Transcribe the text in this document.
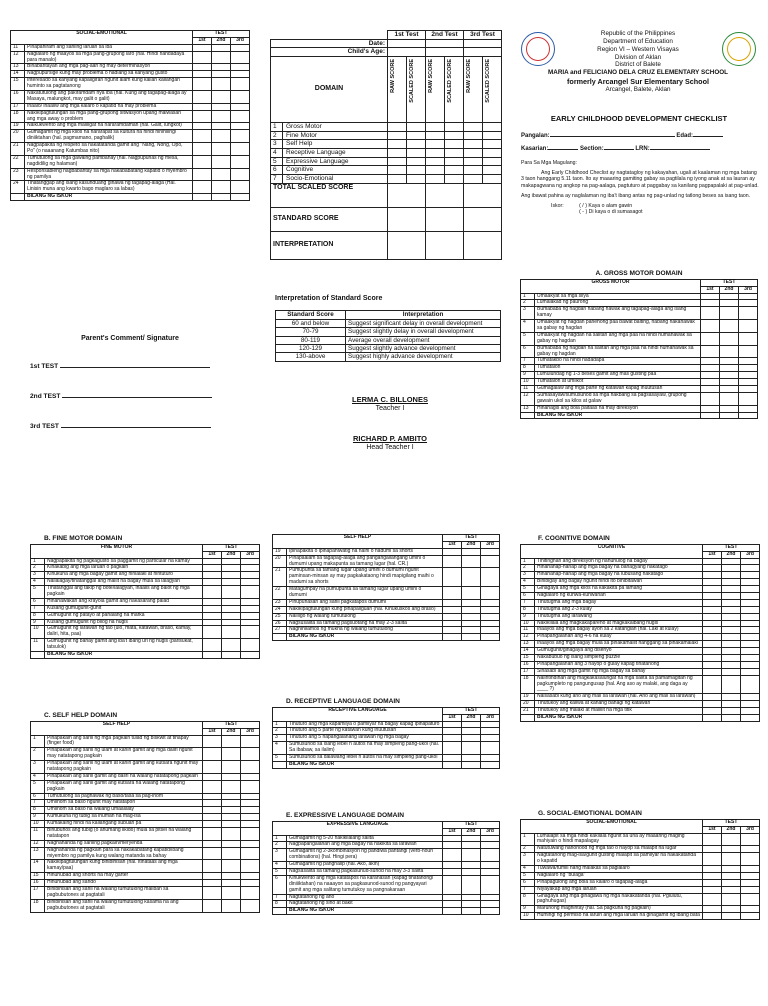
SOCIAL-EMOTIONAL		TEST		
		1st	2nd	3rd
11	Pinapahiram ang sariling laruan sa iba			
12	Naglalaro ng maayos sa mga pang-grupong laro (hal. Hindi nandadaya para manalo)			
13	Binabantayan ang mga pag-aari ng may determinasyon			
14	Nagpupursige kung may problema o hadlang sa kanyang gusto			
15	Interesado sa kanyang kapaligiran ngunit alam kung kailan kailangan huminto sa pagtatanong			
16	Nakatutulong ang pakiramdam nya iba (hal. Kung ang tagapag-alaga ay Masaya, malungkot, may galit o galit)			
17	Inaalo/ inaaliw ang mga kalaro o kapatid na may problema			
18	Nakikipagtulungan sa mga pang-grupong sitwasyon upang maiwasan ang mga away o problem			
19	Naikukwento ang mga maliligat na nararamdaman (hal. Galit, lungkot)			
20	Gumagamit ng mga kilos na nararapat sa kultura na hindi hinihiling/ diniiktahan (hal. pagmamano, paghalik)			
21	Nagpapakita ng respeto sa nakatatanda gamit ang "Nang, Nong, Opo, Po" (o naaanang Katumbas nito)			
22	Tumutulong sa mga gawaing pambahay (hal. Nagpupunas ng mesa, nagdidilig ng halaman)			
23	Responsableng nagbabantay sa mga nakababatang kapatid o myembro ng pamilya			
24	Tinatanggap ang isang kasunduang ginawa ng tagapag-alaga (Hal. Linisin muna ang kwarto bago maglaro sa labas)			
	BILANG NG ISKOR			
Parent's Comment/ Signature
1st TEST
2nd TEST
3rd TEST
	1st Test		2nd Test		3rd Test	
Date:						
Child's Age:						
DOMAIN	RAW SCORE	SCALED SCORE	RAW SCORE	SCALED SCORE	RAW SCORE	SCALED SCORE

1 Gross Motor						
2 Fine Motor						
3 Self Help						
4 Receptive Language						
5 Expressive Language						
6 Cognitive						
7 Socio-Emotional						
TOTAL SCALED SCORE						
STANDARD SCORE						
INTERPRETATION						
Interpretation of Standard Score
Standard Score	Interpretation
60 and below	Suggest significant delay in overall development
70-79	Suggest slightly delay in overall development
80-119	Average overall development
120-129	Suggest slightly advance development
130-above	Suggest highly advance development
LERMA C. BILLONES
Teacher I
RICHARD P. AMBITO
Head Teacher I
Republic of the Philippines
Department of Education
Region VI – Western Visayas
Division of Aklan
District of Balete
MARIA and FELICIANO DELA CRUZ ELEMENTARY SCHOOL
formerly Arcangel Sur Elementary School
Arcangel, Balete, Aklan
EARLY CHILDHOOD DEVELOPMENT CHECKLIST
Pangalan:	Edad:
Kasarian:	Section:	LRN:
Para Sa Mga Magulang:
Ang Early Childhood Checlist ay nagtatagloy ng kakayahan, ugali at kaalaman ng mga batang 3 taon hanggang 5.11 taon. Ito ay maaaring gamiting gabay sa pagtilala ng iyong anak at sa lauran ay makapagwana ng angkop na pag-aalaga, pagtuturo at paggabay sa kanilang pagpapalaki at pag-unlad.
Ang ibawat pahina ay naglalaman ng iba't ibang antas ng pag-unlad ng tatlong beses sa isang taon.
Iskor:	( / ) Kaya o alam gawin
( - ) Di kaya o di sumasagot
A. GROSS MOTOR DOMAIN
GROSS MOTOR		TEST		
		1st	2nd	3rd
1	Umaakyat sa mga silya			
2	Lumalakad ng paurong			
3	Bumababa ng hagdan habang hawak ang tagapag-alaga ang isang kamay			
4	Umaakyat ng hagdan panehong paa bawat baiting, habang nakahawak sa gabay ng hagdan			
5	Umaakyat ng hagdan na salitan ang mga paa na hindi humahawak sa gabay ng hagdan			
6	Bumababa ng hagdan na salitan ang mga paa na hindi humahawak sa gabay ng hagdan			
7	Tumatakbo na hindi nadadapa			
8	Tumatalon			
9	Lumulundag ng 1-3 beses gamit ang mas gusting paa			
10	Tumatalon at umiikot			
11	Gumagalaw ang mga parte ng katawan kapag inuutusan			
12	Sumasayaw/sumusunod sa mga hakbang sa pagsasayaw, grupong gawain ukol sa kilos at galaw			
13	Hinahagis ang bola paitaas na may direksyon			
	BILANG NG ISKOR			
B. FINE MOTOR DOMAIN
FINE MOTOR		TEST		
		1st	2nd	3rd
1	Nagpapakita ng pagkagusto sa paggamit ng particular na kamay			
2	Kinakabig ang mga laruan o pagkain			
3	Kinukuha ang mga bagay gamit ang hinlalaki at hintuturo			
4	Nailalagay/tinatanggal ang maliit na bagay mula sa lalagyan			
5	Tinatanggal ang takip ng bote/lalagyan, inaalis ang balot ng mga pagkain			
6	Hinahawakan ang krayola gamit ang nakasarang palad			
7	Kusang gumuguhit-guhit			
8	Gumuguhit ng patayo at pahalang na marka			
9	Kusang gumuguhit ng bilog na hugis			
10	Gumuguhit ng larawan ng tao (ulo, mata, katawan, braso, kamay, daliri, hita, paa)			
11	Gumuguhit ng bahay gamit ang iba't ibang uri ng hugis (parisukat, tatsulok)			
	BILANG NG ISKOR			
C. SELF HELP DOMAIN
SELF HELP		TEST		
		1st	2nd	3rd
1	Pinapakain ang sarili ng mga pagkain tulad ng biskwit at tinapay (finger food)			
2	Pinapakain ang sarili ng ulam at kanin gamit ang mga daliri ngunit may natatapong pagkain			
3	Pinapakain ang sarili ng ulam at kanin gamit ang kutsara ngunit may natatapong pagkain			
4	Pinapakain ang sarili gamit ang daliri na walang natatapong pagkain			
5	Pinapakain ang sarili gamit ang kutsara na walang natatapong pagkain			
6	Tumutulong sa paghawak ng baso/tasa sa pag-inom			
7	Umiinom sa baso ngunit may natatapon			
8	Umiinom sa baso na walang umaalalay			
9	Kumukuha ng tubig sa inuman na mag-isa			
10	Kumakaing hindi na kailangang subuan pa			
11	Binubuhos ang tubig (o anumang likido) mula sa pitsel na walang natatapon			
12	Naghahanda ng sariling pagkain/meryenda			
13	Naghahanda ng pagkain para sa nakakabatang kapatid/ibang miyembro ng pamilya kung walang matanda sa bahay			
14	Nakikipagtulungan kung binibihisan (hal. Itinataas ang mga kamay/paa)			
15	Hinuhubad ang shorts na may garter			
16	Hinuhubad ang sando			
17	Binibihisan ang sarili na walang tumutulong maliban sa pagbubutones at pagtatali			
18	Binibihisan ang sarili na walang tumutulong kasama na ang pagbubutones at pagtatali			
SELF HELP		TEST		
		1st	2nd	3rd
19	Ipinapakita o ipinapahiwatig na naihi o nadumi sa shorts			
20	Pinapaalam sa tagapag-alaga ang pangangailangang umihi o dumumi upang makapunta sa tamang lugar (hal. CR.)			
21	Pumupunta sa tamang lugar upang umihi o dumumi ngunit paminsan-minsan ay may pagkakataong hindi mapigilang maihi o madumi sa shorts			
22	Matagumpay na pumupunta sa tamang lugar upang umihi o dumumi			
23	Pinupunasan ang sarili pagkatapos dumumi			
24	Nakikipagtulungan kung pinapaliguan (hal. Kinukuskos ang braso)			
25	Naliligo ng walang tumutulong			
26	Nagsusalita sa tamang pagsuotang na may 2-3 salita			
27	Naghihilamos ng mukha ng walang tumutulong			
	BILANG NG ISKOR			
D. RECEPTIVE LANGUAGE DOMAIN
RECEPTIVE LANGUAGE		TEST		
		1st	2nd	3rd
1	Tinuturo ang mga kapamilya o pamilyar na bagay kapag ipinapaturo			
2	Tinuturo ang 5 parte ng katawan kung inuutusan			
3	Tinuturo ang 5 napangalanang larawan ng mga bagay			
4	Sumusunod sa isang lebel n autos na may simpleng pang-ukol (hal. Sa ibabaw, sa ilalim)			
5	Sumusunod sa dalawang lebel n autos na may simpleng pang-ukol			
	BILANG NG ISKOR			
E. EXPRESSIVE LANGUAGE DOMAIN
EXPRESSIVE LANGUAGE		TEST		
		1st	2nd	3rd
1	Gumagamit ng 5-20 nakikilalang salita			
2	Nagpapangalanan ang mga bagay na nakikita sa larawan			
3	Gumagamit ng 2-3kombinasyon ng pandiwa pantangi (verb-noun combinations) (hal. Hingi pera)			
4	Gumagamit ng panghalip (hal. Ako, akin)			
5	Nagsasalita sa tamang pagkasunud-sunod na may 3-3 salita			
6	Kinukwento ang mga katatapos na karanasan (kapag tinatanong/ diniiiktahan) na naaayon sa pagkasunod-sunod ng pangyayari gamit ang mga salitang tumutukoy sa pangnakaraan			
7	Nagtatanong ng ano			
8	Nagtatanong ng sino at bakit			
	BILANG NG ISKOR			
F. COGNITIVE DOMAIN
COGNITIVE		TEST		
		1st	2nd	3rd
1	Tinitingnan ang direksyon ng nahuhulog na bagay			
2	Hinahanap-hanap ang mga bagay na bahagyang nakatago			
3	Hinahanap-hanap ang mga bagay na lubusang nakatago			
4	Binibigay ang bagay ngunit hindi ito binibitawan			
5	Ginagaya ang mga kilos na kakakita pa lamang			
6	Naglalaro ng kunwa-kunwarian			
7	Tinutugma ang mga bagay			
8	Tinutugma ang 2-3 kulay			
9	Tinutugma ang larawang			
10	Nakikilala ang magkakapareho at magkakaibang hugis			
11	Inaayos ang mga bagay ayon sa 2 katangian (hal. Laki at kulay)			
12	Pinapangalanan ang 4-6 na kulay			
13	Inaayos ang mga bagay mula sa pinakamaliit hanggang sa pinakamalaki			
14	Gumuguhit/ginagaya ang disenyo			
15	Nakabubuo ng isang simpleng puzzle			
16	Pinapangalanan ang 3 hayop o gulay kapag tinatanong			
17	Sinasabi ang mga gamit ng mga bagay sa bahay			
18	Naiintindihan ang magkakasalungat na mga salita sa pamamagitan ng pagkumpleto ng pangungusap (hal. Ang aso ay malaki, ang daga ay ____ ?)			
19	Naisasabi kung ano ang mali sa larawan (hal. Ano ang mali sa larawan)			
20	Tinutukoy ang kaliwa at kanang bahagi ng katawan			
21	Tinutukoy ang malaki at maliliit na mga titik			
	BILANG NG ISKOR			
G. SOCIAL-EMOTIONAL DOMAIN
SOCIAL-EMOTIONAL		TEST		
		1st	2nd	3rd
1	Lumalapit sa mga hindi kakilala ngunit sa una ay maaaring maging mahiyain o hindi mapalagay			
2	Natutuwang nanonood ng mga tao o hayop sa malapit na lugar			
3	Nagtatanong mag-isa/gunit gusting malapit sa pamilyar na nakakatanda o kapatid			
4	Tuwawa/tumili nang malakas sa paglalaro			
5	Naglalaro ng "bulaga"			
6	Pinapagulong ang bola sa kalaro o tagapag-alaga			
7	Niyayakap ang mga laruan			
8	Ginagaya ang mga ginagawa ng mga nakakatanda (hal. Pglulutu, paghuhugas)			
9	Marunong maghintay (hal. Sa pagkuha ng pagkain)			
10	Humingi ng permiso na laruin ang mga laruan na ginagamit ng ibang bata			
